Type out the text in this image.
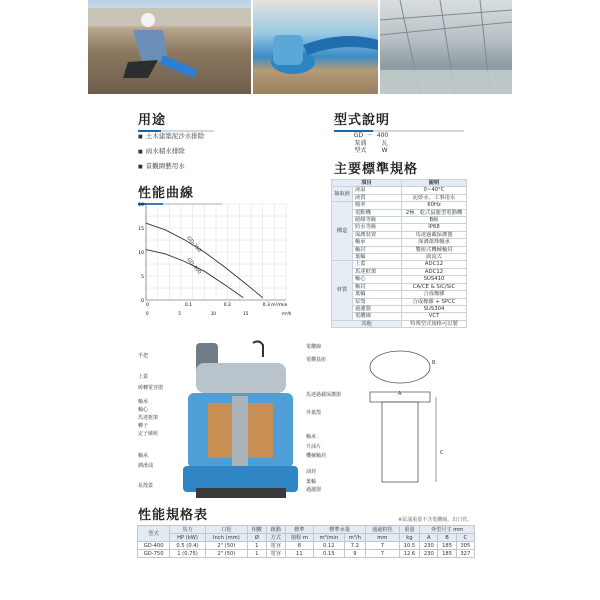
用途
■ 土木建築泥沙水排除
■ 雨水積水排除
■ 景觀園藝用水
型式說明
GD － 400
泵浦	瓦
型式	W
主要標準規格
項目		說明
抽取液	液温	0~40°C
	液質	泥砂水．工事用水
構造	頻率	60Hz
	電動機	2極．乾式鼠籠型電動機
	絕緣等級	B級
	防水等級	IP68
	保護裝置	馬達過載保護器
	軸承	深溝滾珠軸承
	軸封	雙組式機械軸封
	葉輪	渦流式
材質	上蓋	ADC12
	馬達框架	ADC12
	軸心	SUS410
	軸封	CA/CE & SiC/SiC
	葉輪	合成橡膠
	泵殼	合成橡膠 + SPCC
	過濾器	SUS304
	電纜線	VCT
其他		特殊型式規格可訂製
性能曲線
GD-750
GD-400
20
15
10
5
0
0	0.1	0.2	0.3 m³/min
0	5	10	15	m³/h
手把
上蓋
緩轉電容器
軸承
軸心
馬達框架
轉子
定子繞組
軸承
潤滑油
泵殼蓋
電纜線
電纜基座
馬達過載保護器
外葉殼
軸承
升油片
機械軸封
油封
葉輪
過濾器
B
A
C
性能規格表	※泵浦重量不含電纜線，出口管。
型式	馬力	口徑	相數	啟動	標準	標準水量		通過粒徑	重量	外型尺寸 mm		
	HP (kW)	Inch (mm)	Ø	方式	揚程 m	m³/min	m³/h	mm	kg	A	B	C
GD-400	0.5 (0.4)	2" (50)	1	電容	8	0.12	7.2	7	10.5	230	185	305
GD-750	1 (0.75)	2" (50)	1	電容	11	0.15	9	7	12.6	230	185	327
